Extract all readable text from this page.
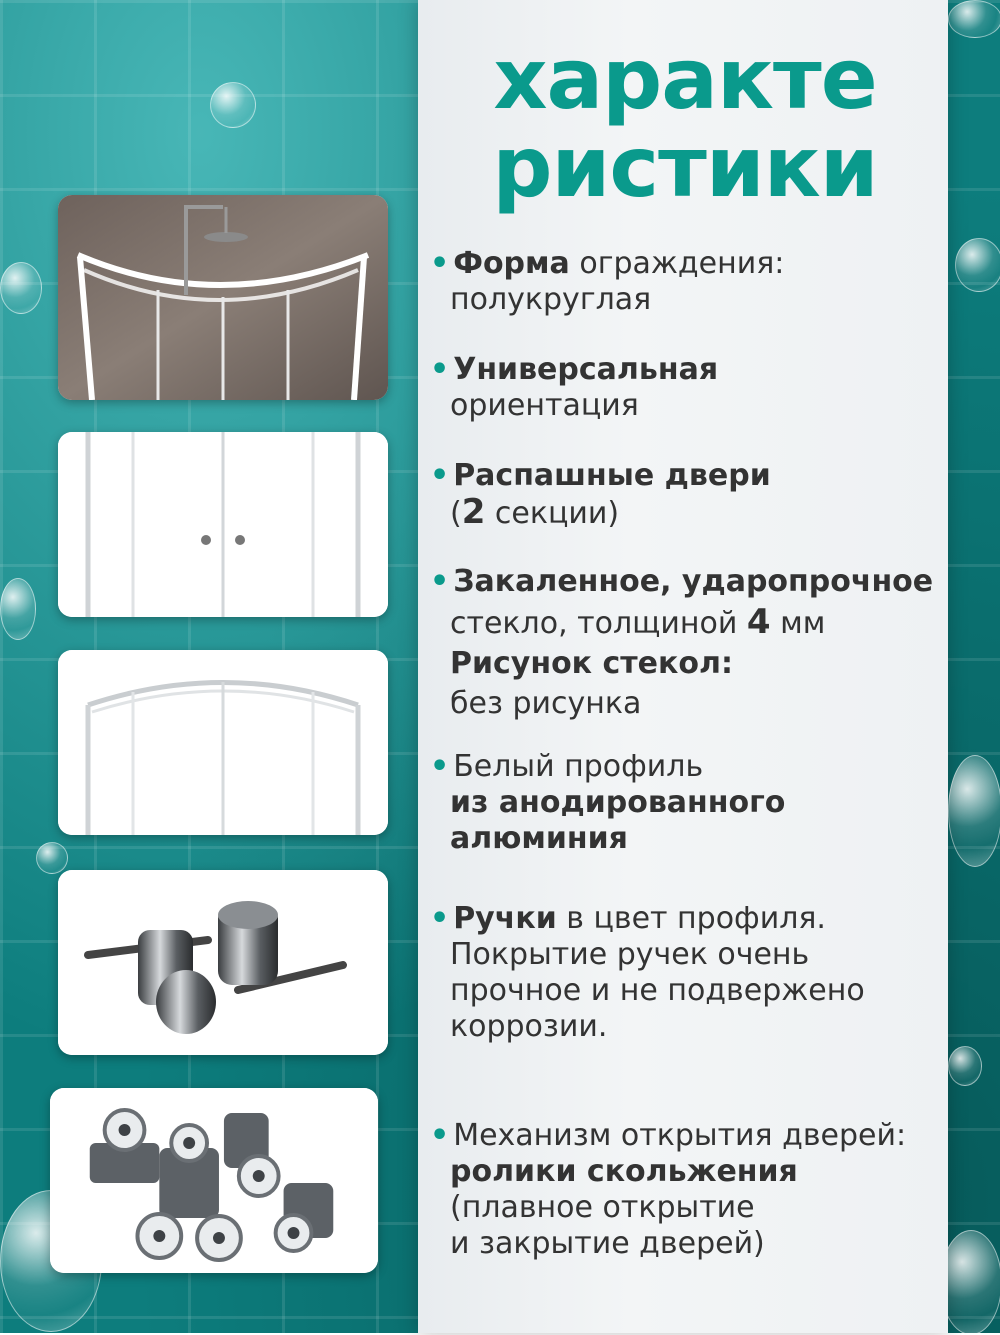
характе
ристики
• Форма ограждения:
полукруглая
• Универсальная
ориентация
• Распашные двери
(2 секции)
• Закаленное, ударопрочное
стекло, толщиной 4 мм
Рисунок стекол:
без рисунка
• Белый профиль
из анодированного
алюминия
• Ручки в цвет профиля.
Покрытие ручек очень
прочное и не подвержено
коррозии.
• Механизм открытия дверей:
ролики скольжения
(плавное открытие
и закрытие дверей)
